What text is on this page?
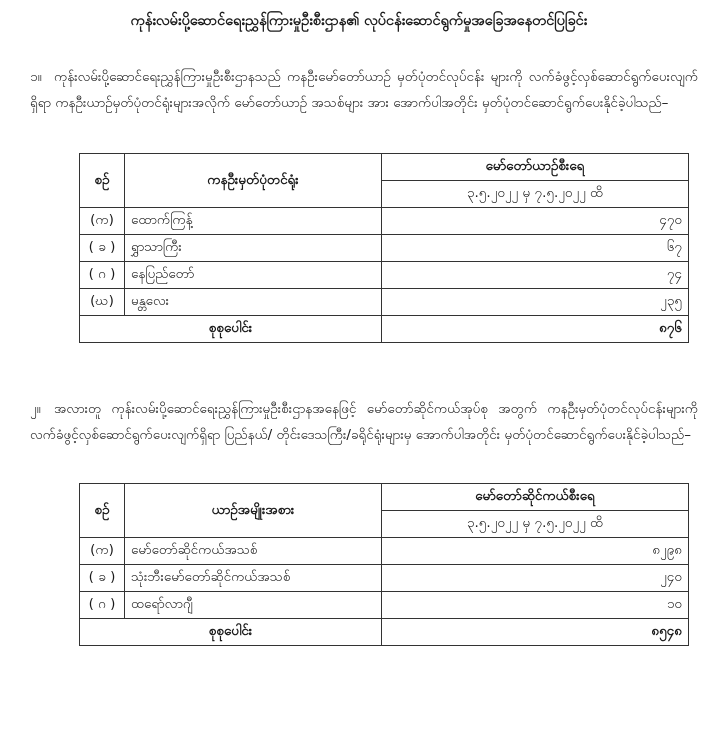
ကုန်းလမ်းပို့ဆောင်ရေးညွှန်ကြားမှုဦးစီးဌာန၏ လုပ်ငန်းဆောင်ရွက်မှုအခြေအနေတင်ပြခြင်း
၁။ ကုန်းလမ်းပို့ဆောင်ရေးညွှန်ကြားမှုဦးစီးဌာနသည် ကနဦးမော်တော်ယာဉ် မှတ်ပုံတင်လုပ်ငန်း များကို လက်ခံဖွင့်လှစ်ဆောင်ရွက်ပေးလျက်ရှိရာ ကနဦးယာဉ်မှတ်ပုံတင်ရုံးများအလိုက် မော်တော်ယာဉ် အသစ်များ အား အောက်ပါအတိုင်း မှတ်ပုံတင်ဆောင်ရွက်ပေးနိုင်ခဲ့ပါသည်–
စဉ်	ကနဦးမှတ်ပုံတင်ရုံး	မော်တော်ယာဉ်စီးရေ
		၃.၅.၂၀၂၂ မှ ၇.၅.၂၀၂၂ ထိ
(က)	ထောက်ကြန့်	၄၇၀
( ခ )	ရွှာသာကြီး	၆၇
( ဂ )	နေပြည်တော်	၇၄
(ဃ)	မန္တလေး	၂၃၅
စုစုပေါင်း		၈၇၆
၂။ အလားတူ ကုန်းလမ်းပို့ဆောင်ရေးညွှန်ကြားမှုဦးစီးဌာနအနေဖြင့် မော်တော်ဆိုင်ကယ်အုပ်စု အတွက် ကနဦးမှတ်ပုံတင်လုပ်ငန်းများကို လက်ခံဖွင့်လှစ်ဆောင်ရွက်ပေးလျက်ရှိရာ ပြည်နယ်/ တိုင်းဒေသကြီး/ခရိုင်ရုံးများမှ အောက်ပါအတိုင်း မှတ်ပုံတင်ဆောင်ရွက်ပေးနိုင်ခဲ့ပါသည်–
စဉ်	ယာဉ်အမျိုးအစား	မော်တော်ဆိုင်ကယ်စီးရေ
		၃.၅.၂၀၂၂ မှ ၇.၅.၂၀၂၂ ထိ
(က)	မော်တော်ဆိုင်ကယ်အသစ်	၈၂၉၈
( ခ )	သုံးဘီးမော်တော်ဆိုင်ကယ်အသစ်	၂၄၀
( ဂ )	ထရော်လာဂျီ	၁၀
စုစုပေါင်း		၈၅၄၈
